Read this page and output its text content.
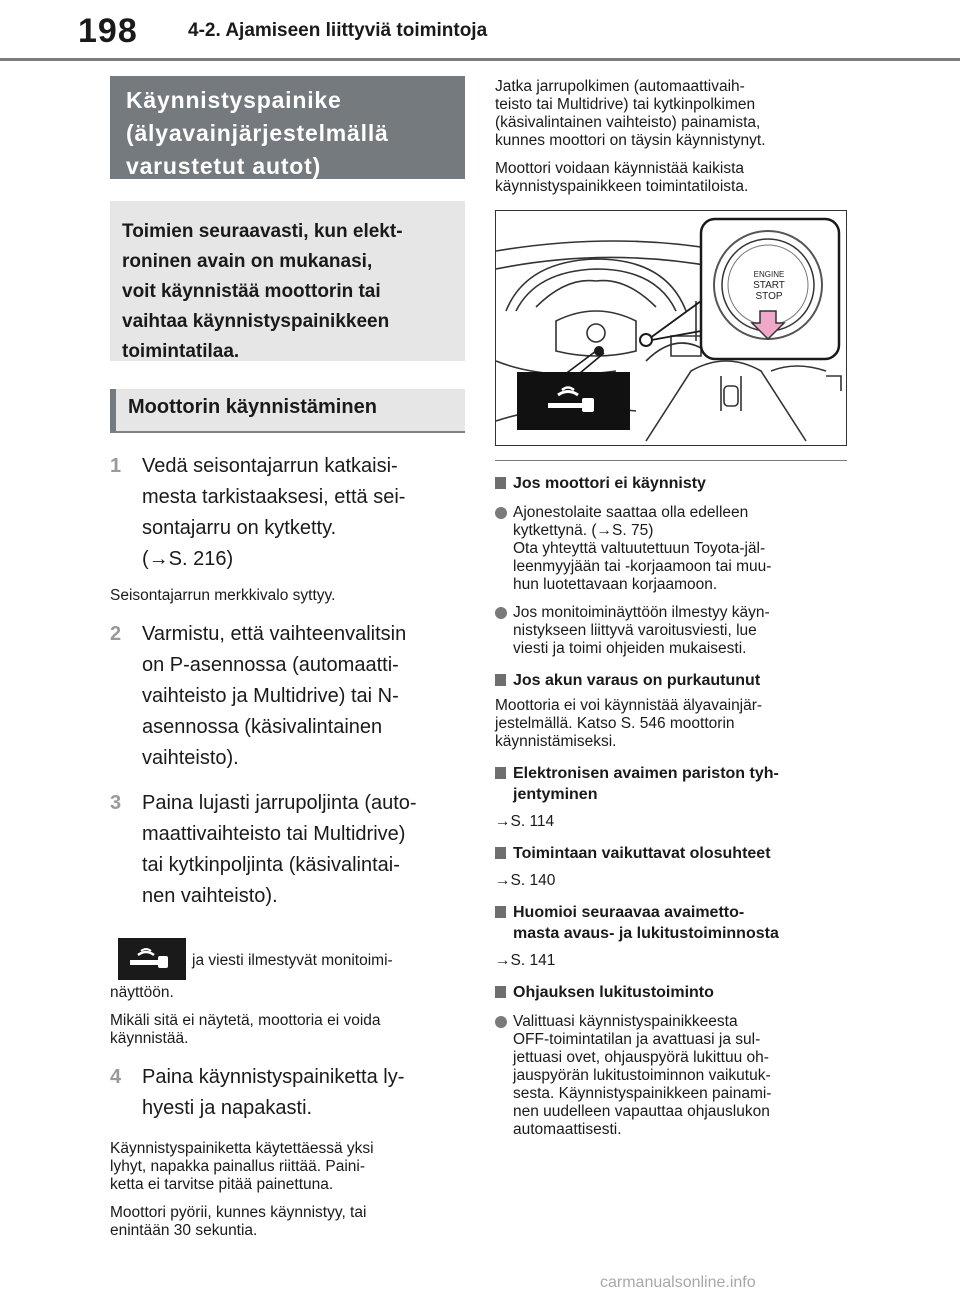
198	4-2. Ajamiseen liittyviä toimintoja
Käynnistyspainike
(älyavainjärjestelmällä
varustetut autot)
Toimien seuraavasti, kun elekt-
roninen avain on mukanasi,
voit käynnistää moottorin tai
vaihtaa käynnistyspainikkeen
toimintatilaa.
Moottorin käynnistäminen
1 Vedä seisontajarrun katkaisi-
mesta tarkistaaksesi, että sei-
sontajarru on kytketty.
(→S. 216)
Seisontajarrun merkkivalo syttyy.
2 Varmistu, että vaihteenvalitsin
on P-asennossa (automaatti-
vaihteisto ja Multidrive) tai N-
asennossa (käsivalintainen
vaihteisto).
3 Paina lujasti jarrupoljinta (auto-
maattivaihteisto tai Multidrive)
tai kytkinpoljinta (käsivalintai-
nen vaihteisto).
ja viesti ilmestyvät monitoimi-
näyttöön.
Mikäli sitä ei näytetä, moottoria ei voida
käynnistää.
4 Paina käynnistyspainiketta ly-
hyesti ja napakasti.
Käynnistyspainiketta käytettäessä yksi
lyhyt, napakka painallus riittää. Paini-
ketta ei tarvitse pitää painettuna.
Moottori pyörii, kunnes käynnistyy, tai
enintään 30 sekuntia.
Jatka jarrupolkimen (automaattivaih-
teisto tai Multidrive) tai kytkinpolkimen
(käsivalintainen vaihteisto) painamista,
kunnes moottori on täysin käynnistynyt.
Moottori voidaan käynnistää kaikista
käynnistyspainikkeen toimintatiloista.
ENGINE
START
STOP
Jos moottori ei käynnisty
Ajonestolaite saattaa olla edelleen
kytkettynä. (→S. 75)
Ota yhteyttä valtuutettuun Toyota-jäl-
leenmyyjään tai -korjaamoon tai muu-
hun luotettavaan korjaamoon.
Jos monitoiminäyttöön ilmestyy käyn-
nistykseen liittyvä varoitusviesti, lue
viesti ja toimi ohjeiden mukaisesti.
Jos akun varaus on purkautunut
Moottoria ei voi käynnistää älyavainjär-
jestelmällä. Katso S. 546 moottorin
käynnistämiseksi.
Elektronisen avaimen pariston tyh-
jentyminen
→S. 114
Toimintaan vaikuttavat olosuhteet
→S. 140
Huomioi seuraavaa avaimetto-
masta avaus- ja lukitustoiminnosta
→S. 141
Ohjauksen lukitustoiminto
Valittuasi käynnistyspainikkeesta
OFF-toimintatilan ja avattuasi ja sul-
jettuasi ovet, ohjauspyörä lukittuu oh-
jauspyörän lukitustoiminnon vaikutuk-
sesta. Käynnistyspainikkeen painami-
nen uudelleen vapauttaa ohjauslukon
automaattisesti.
carmanualsonline.info
